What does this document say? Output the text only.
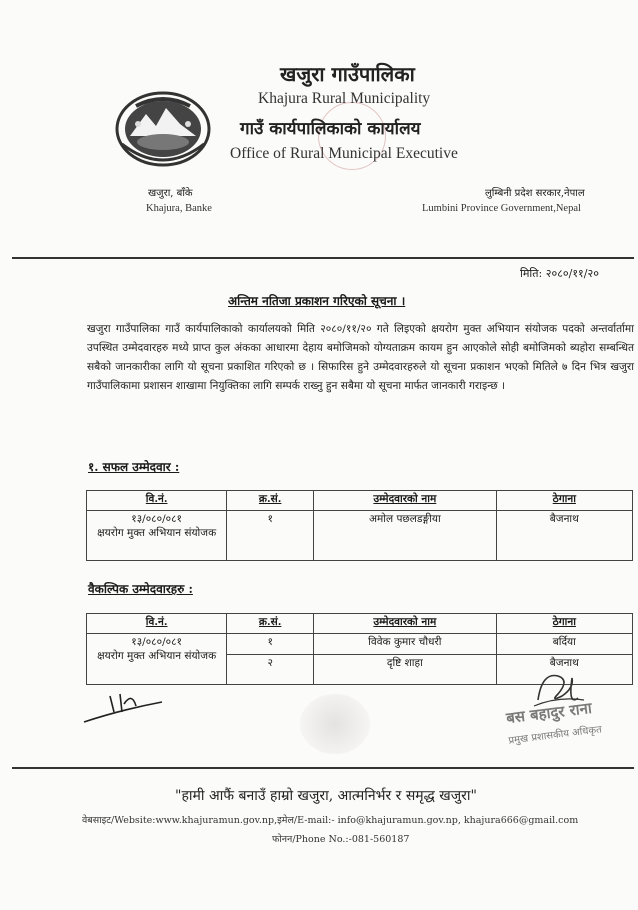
खजुरा गाउँपालिका
Khajura Rural Municipality
गाउँ कार्यपालिकाको कार्यालय
Office of Rural Municipal Executive
खजुरा, बाँके
Khajura, Banke
लुम्बिनी प्रदेश सरकार,नेपाल
Lumbini Province Government,Nepal
मिति: २०८०/११/२०
अन्तिम नतिजा प्रकाशन गरिएको सूचना ।
खजुरा गाउँपालिका गाउँ कार्यपालिकाको कार्यालयको मिति २०८०/११/२० गते लिइएको क्षयरोग मुक्त अभियान संयोजक पदको अन्तर्वार्तामा उपस्थित उम्मेदवारहरु मध्ये प्राप्त कुल अंकका आधारमा देहाय बमोजिमको योग्यताक्रम कायम हुन आएकोले सोही बमोजिमको ब्यहोरा सम्बन्धित सबैको जानकारीका लागि यो सूचना प्रकाशित गरिएको छ । सिफारिस हुने उम्मेदवारहरुले यो सूचना प्रकाशन भएको मितिले ७ दिन भित्र खजुरा गाउँपालिकामा प्रशासन शाखामा नियुक्तिका लागि सम्पर्क राख्नु हुन सबैमा यो सूचना मार्फत जानकारी गराइन्छ ।
१. सफल उम्मेदवार :
वि.नं.	क्र.सं.	उम्मेदवारको नाम	ठेगाना

१३/०८०/०८१
क्षयरोग मुक्त अभियान संयोजक	१	अमोल पछलडङ्गीया	बैजनाथ
वैकल्पिक उम्मेदवारहरु :
वि.नं.	क्र.सं.	उम्मेदवारको नाम	ठेगाना

१३/०८०/०८१
क्षयरोग मुक्त अभियान संयोजक	१	विवेक कुमार चौधरी	बर्दिया
	२	दृष्टि शाहा	बैजनाथ
बस बहादुर राना
प्रमुख प्रशासकीय अधिकृत
"हामी आफैं बनाउँ हाम्रो खजुरा, आत्मनिर्भर र समृद्ध खजुरा"
वेबसाइट/Website:www.khajuramun.gov.np,इमेल/E-mail:- info@khajuramun.gov.np, khajura666@gmail.com
फोनन/Phone No.:-081-560187
